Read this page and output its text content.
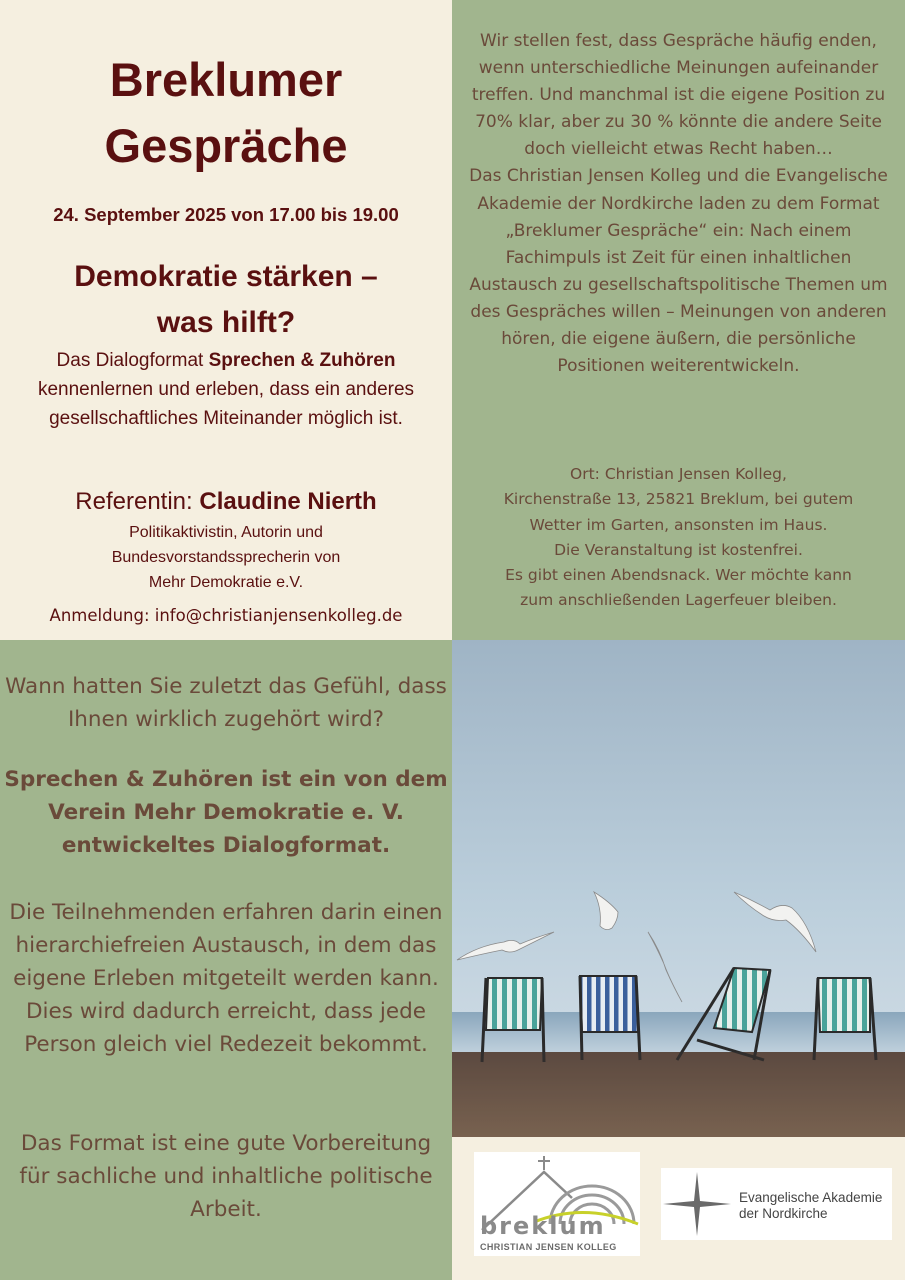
Breklumer
Gespräche
24. September 2025 von 17.00 bis 19.00
Demokratie stärken –
was hilft?
Das Dialogformat Sprechen & Zuhören kennenlernen und erleben, dass ein anderes gesellschaftliches Miteinander möglich ist.
Referentin: Claudine Nierth
Politikaktivistin, Autorin und
Bundesvorstandssprecherin von
Mehr Demokratie e.V.
Anmeldung: info@christianjensenkolleg.de
Wir stellen fest, dass Gespräche häufig enden, wenn unterschiedliche Meinungen aufeinander treffen. Und manchmal ist die eigene Position zu 70% klar, aber zu 30 % könnte die andere Seite doch vielleicht etwas Recht haben…
Das Christian Jensen Kolleg und die Evangelische Akademie der Nordkirche laden zu dem Format „Breklumer Gespräche“ ein: Nach einem Fachimpuls ist Zeit für einen inhaltlichen Austausch zu gesellschaftspolitische Themen um des Gespräches willen – Meinungen von anderen hören, die eigene äußern, die persönliche Positionen weiterentwickeln.
Ort: Christian Jensen Kolleg,
Kirchenstraße 13, 25821 Breklum, bei gutem
Wetter im Garten, ansonsten im Haus.
Die Veranstaltung ist kostenfrei.
Es gibt einen Abendsnack. Wer möchte kann
zum anschließenden Lagerfeuer bleiben.
Wann hatten Sie zuletzt das Gefühl, dass Ihnen wirklich zugehört wird?
Sprechen & Zuhören ist ein von dem Verein Mehr Demokratie e. V. entwickeltes Dialogformat.
Die Teilnehmenden erfahren darin einen hierarchiefreien Austausch, in dem das eigene Erleben mitgeteilt werden kann. Dies wird dadurch erreicht, dass jede Person gleich viel Redezeit bekommt.
Das Format ist eine gute Vorbereitung für sachliche und inhaltliche politische Arbeit.
breklum
CHRISTIAN JENSEN KOLLEG
Evangelische Akademie
der Nordkirche
